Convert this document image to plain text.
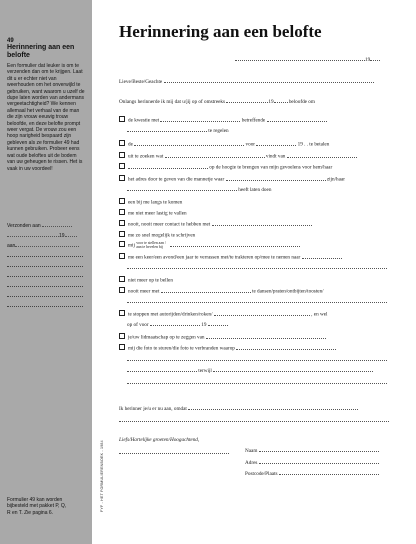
49
Herinnering aan een belofte
Een formulier dat leuker is om te verzenden dan om te krijgen. Laat dit u er echter niet van weerhouden om het onverwijld te gebruiken, want waarom u uzelf de dupe laten worden van andermans vergeetachtigheid? We kennen allemaal het verhaal van de man die zijn vrouw eeuwig trouw beloofde, en deze belofte prompt weer vergat. De vrouw zou een hoop narigheid bespaard zijn gebleven als ze formulier 49 had kunnen gebruiken. Probeer eens wat oude beloftes uit de bodem van uw geheugen te rissen. Het is vaak in uw voordeel!
Verzonden aan
19
aan
Formulier 49 kan worden bijbesteld met pakket P, Q, R en T. Zie pagina 6.
FYF - HET FORMULIERENBOEK - 1984
Herinnering aan een belofte
19
Lieve/Beste/Geachte
Onlangs herinnerde ik mij dat u/jij op of omstreeks	19	beloofde om
de kwestie met	betreffende
te regelen
de	voor	19 . . te betalen
uit te zoeken wat	vindt van
op de hoogte te brengen van mijn gevoelens voor hem/haar
het adres door te geven van die mannetje waar	zijn/haar
heeft laten doen
een bij me langs te komen
me niet meer lastig te vallen
nooit, nooit meer contact te hebben met
me zo snel mogelijk te schrijven
mij voor te stellen aan / aan te bevelen bij
me een keer/een avond/een jaar te verrassen met/te trakteren op/mee te nemen naar
niet meer op te bellen
nooit meer met	te dansen/praten/ontbijten/toosten/
te stoppen met autorijden/drinken/roken/	, en wel
op of voor	19
je/uw lidmaatschap op te zeggen van
mij die foto te sturen/die foto te verbranden waarop
terwijl
Ik herinner je/u er nu aan, omdat
Liefs/Hartelijke groeten/Hoogachtend,
Naam
Adres
Postcode/Plaats
